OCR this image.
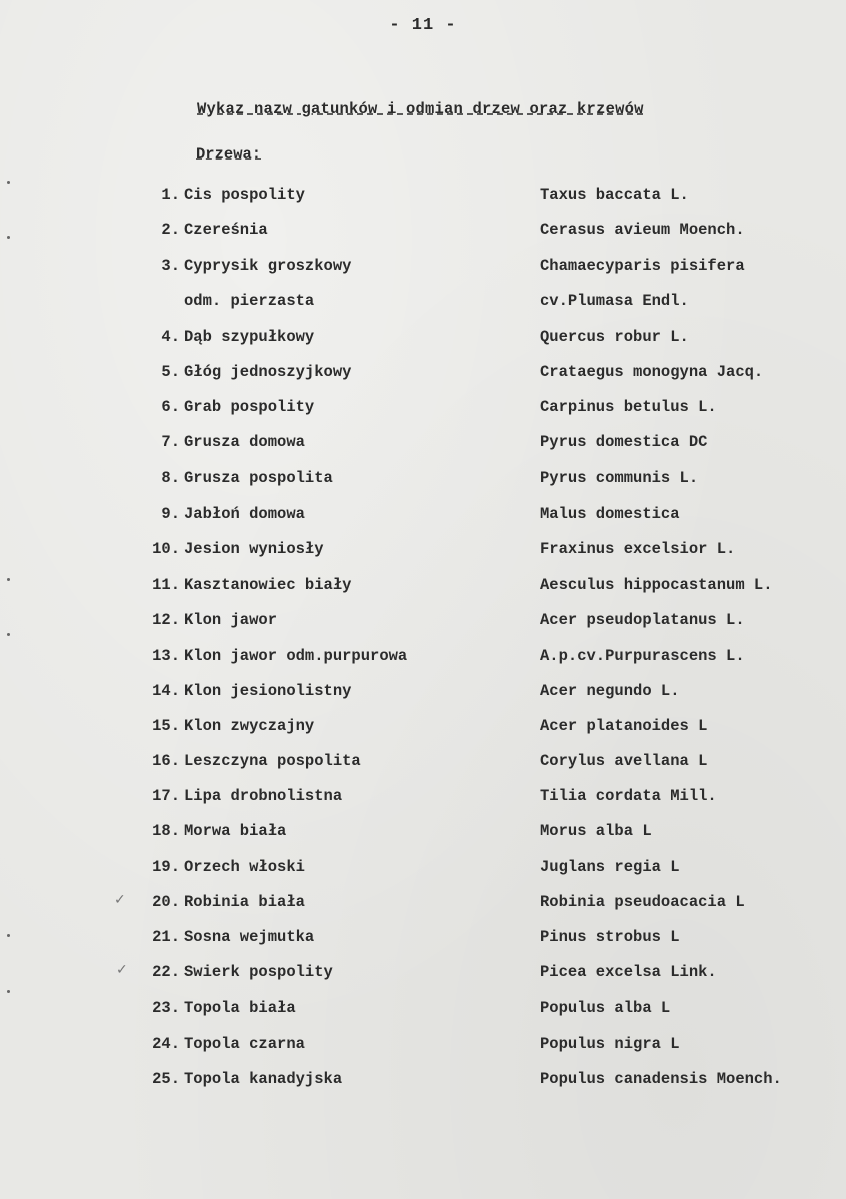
- 11 -
Wykaz nazw gatunków i odmian drzew oraz krzewów
Drzewa:
1. Cis pospolity	Taxus baccata L.
2. Czereśnia	Cerasus avieum Moench.
3. Cyprysik groszkowy	Chamaecyparis pisifera
odm. pierzasta	cv.Plumasa Endl.
4. Dąb szypułkowy	Quercus robur L.
5. Głóg jednoszyjkowy	Crataegus monogyna Jacq.
6. Grab pospolity	Carpinus betulus L.
7. Grusza domowa	Pyrus domestica DC
8. Grusza pospolita	Pyrus communis L.
9. Jabłoń domowa	Malus domestica
10. Jesion wyniosły	Fraxinus excelsior L.
11. Kasztanowiec biały	Aesculus hippocastanum L.
12. Klon jawor	Acer pseudoplatanus L.
13. Klon jawor odm.purpurowa	A.p.cv.Purpurascens L.
14. Klon jesionolistny	Acer negundo L.
15. Klon zwyczajny	Acer platanoides L
16. Leszczyna pospolita	Corylus avellana L
17. Lipa drobnolistna	Tilia cordata Mill.
18. Morwa biała	Morus alba L
19. Orzech włoski	Juglans regia L
20. Robinia biała	Robinia pseudoacacia L
21. Sosna wejmutka	Pinus strobus L
22. Swierk pospolity	Picea excelsa Link.
23. Topola biała	Populus alba L
24. Topola czarna	Populus nigra L
25. Topola kanadyjska	Populus canadensis Moench.
✓
✓
